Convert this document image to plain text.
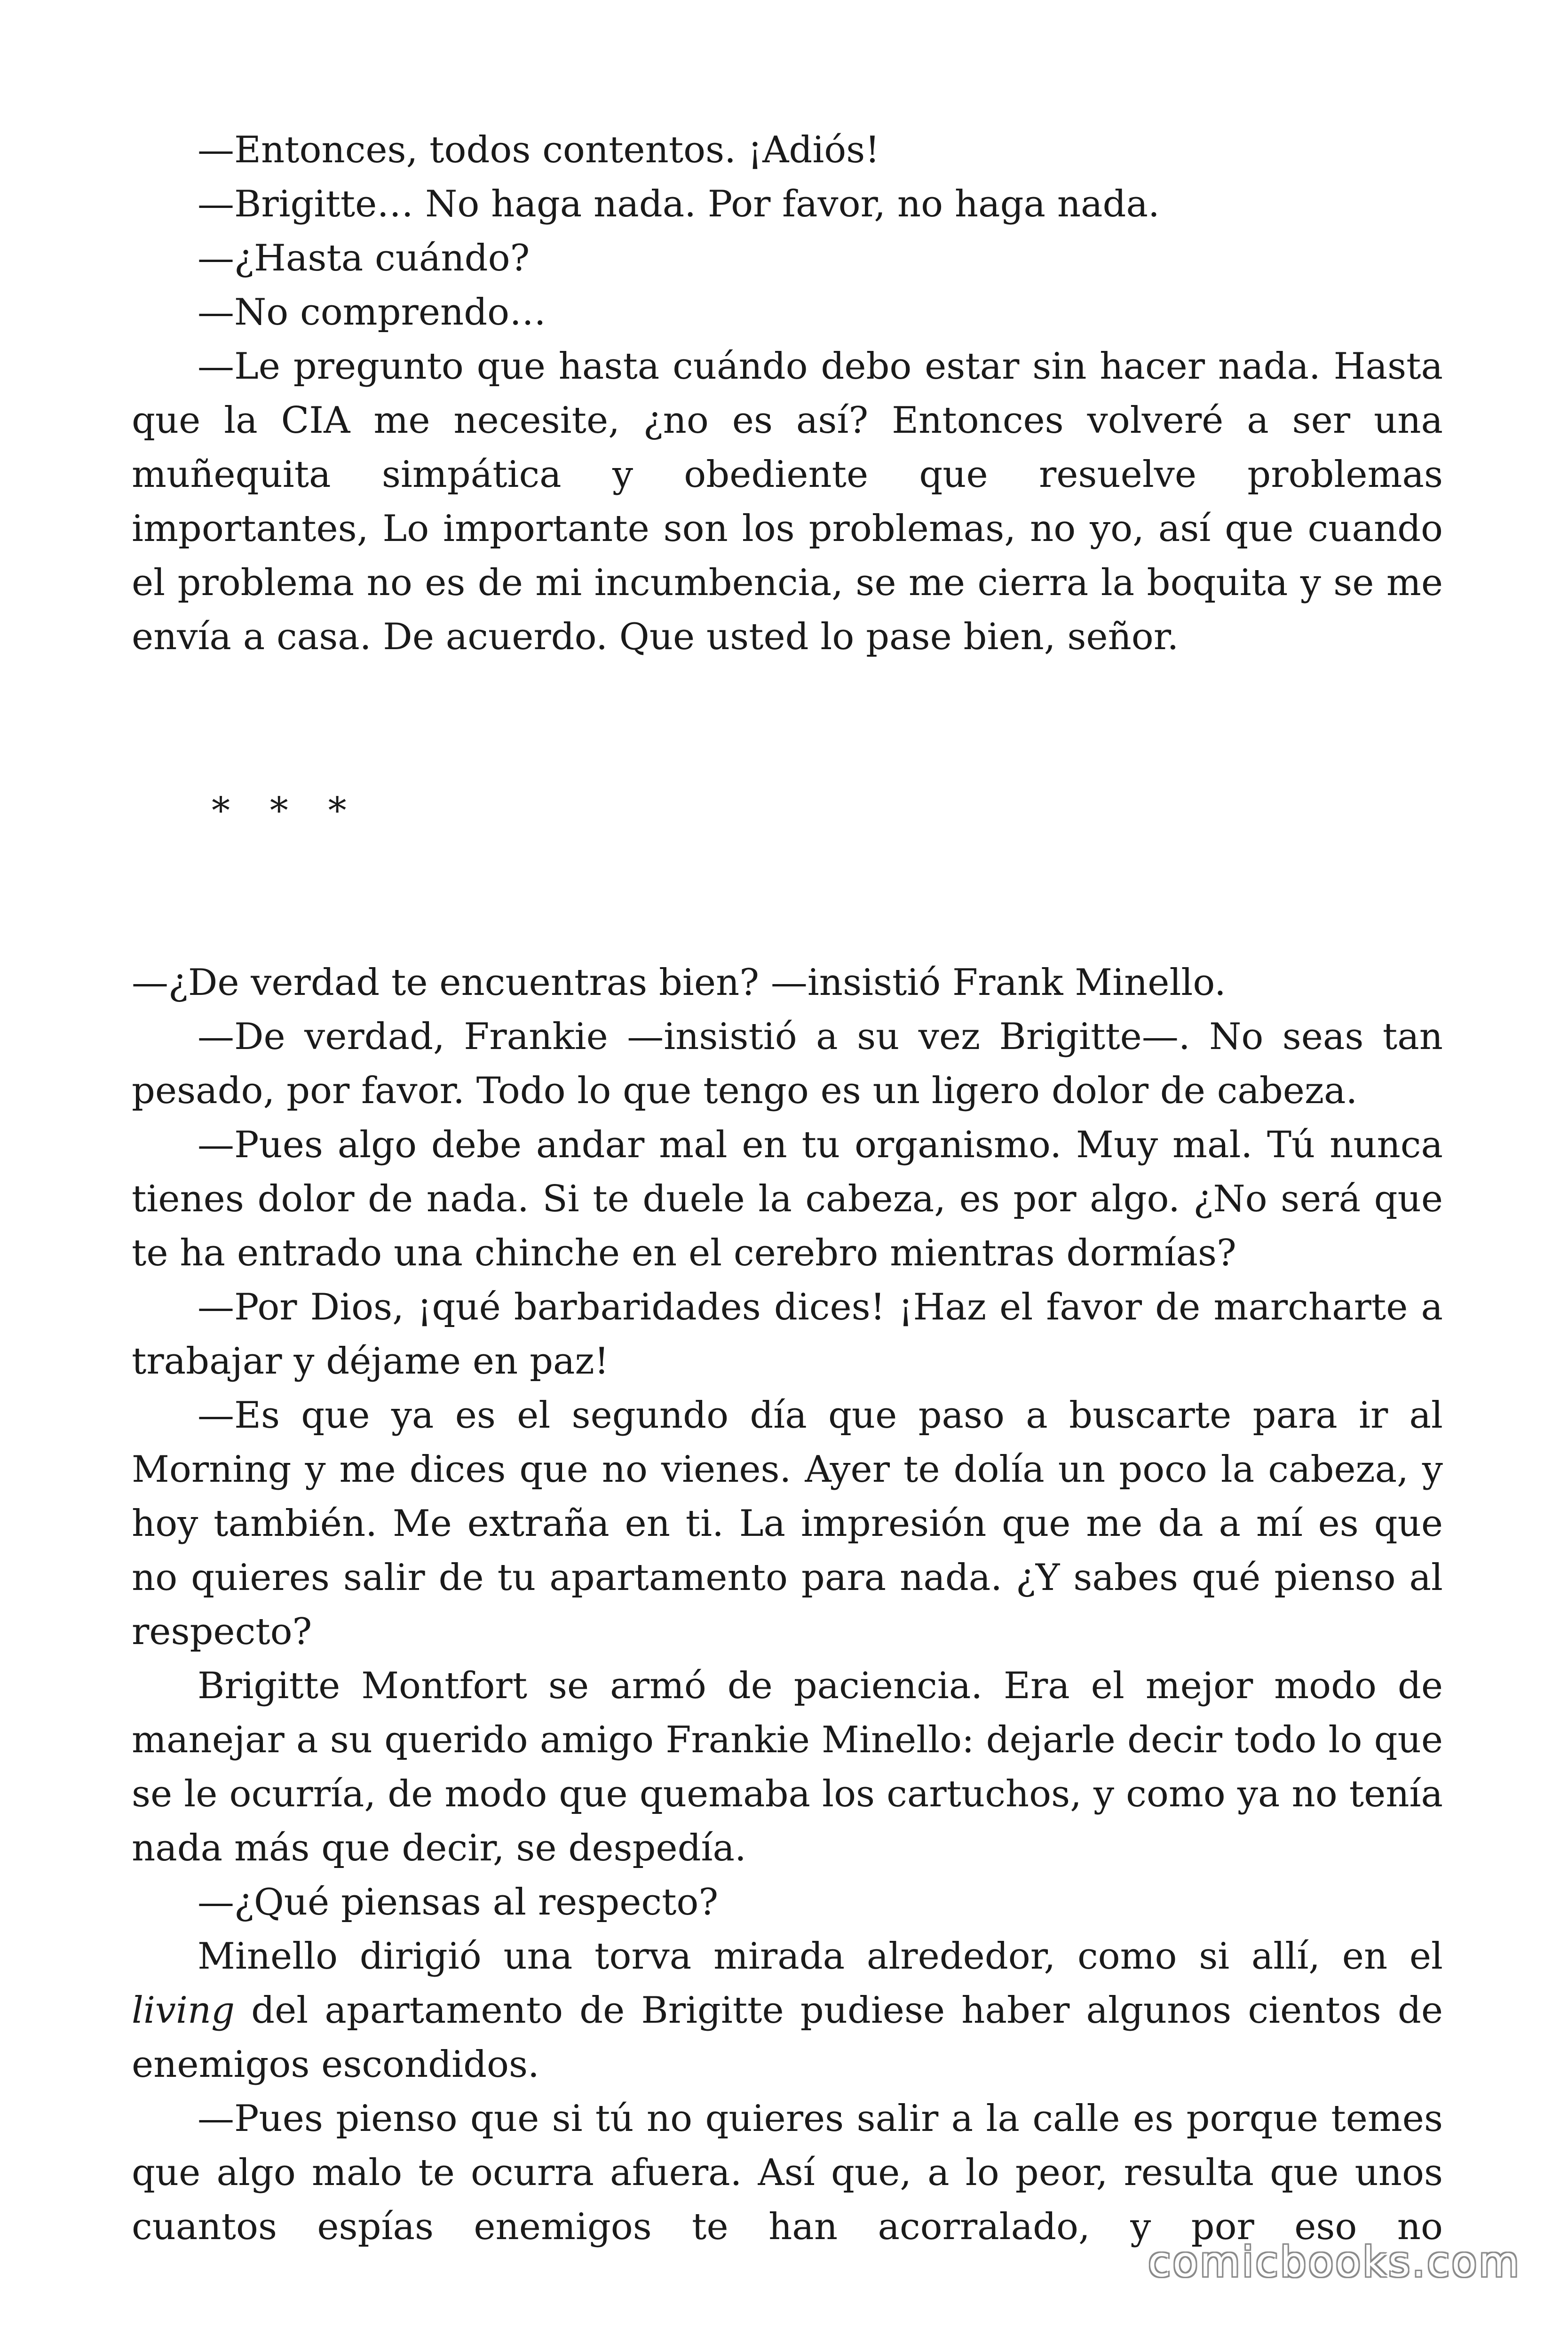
—Entonces, todos contentos. ¡Adiós!

—Brigitte… No haga nada. Por favor, no haga nada.

—¿Hasta cuándo?

—No comprendo…

—Le pregunto que hasta cuándo debo estar sin hacer nada. Hasta que la CIA me necesite, ¿no es así? Entonces volveré a ser una muñequita simpática y obediente que resuelve problemas importantes, Lo importante son los problemas, no yo, así que cuando el problema no es de mi incumbencia, se me cierra la boquita y se me envía a casa. De acuerdo. Que usted lo pase bien, señor.

* * *

—¿De verdad te encuentras bien? —insistió Frank Minello.

—De verdad, Frankie —insistió a su vez Brigitte—. No seas tan pesado, por favor. Todo lo que tengo es un ligero dolor de cabeza.

—Pues algo debe andar mal en tu organismo. Muy mal. Tú nunca tienes dolor de nada. Si te duele la cabeza, es por algo. ¿No será que te ha entrado una chinche en el cerebro mientras dormías?

—Por Dios, ¡qué barbaridades dices! ¡Haz el favor de marcharte a trabajar y déjame en paz!

—Es que ya es el segundo día que paso a buscarte para ir al Morning y me dices que no vienes. Ayer te dolía un poco la cabeza, y hoy también. Me extraña en ti. La impresión que me da a mí es que no quieres salir de tu apartamento para nada. ¿Y sabes qué pienso al respecto?

Brigitte Montfort se armó de paciencia. Era el mejor modo de manejar a su querido amigo Frankie Minello: dejarle decir todo lo que se le ocurría, de modo que quemaba los cartuchos, y como ya no tenía nada más que decir, se despedía.

—¿Qué piensas al respecto?

Minello dirigió una torva mirada alrededor, como si allí, en el living del apartamento de Brigitte pudiese haber algunos cientos de enemigos escondidos.

—Pues pienso que si tú no quieres salir a la calle es porque temes que algo malo te ocurra afuera. Así que, a lo peor, resulta que unos cuantos espías enemigos te han acorralado, y por eso no

comicbooks.com
